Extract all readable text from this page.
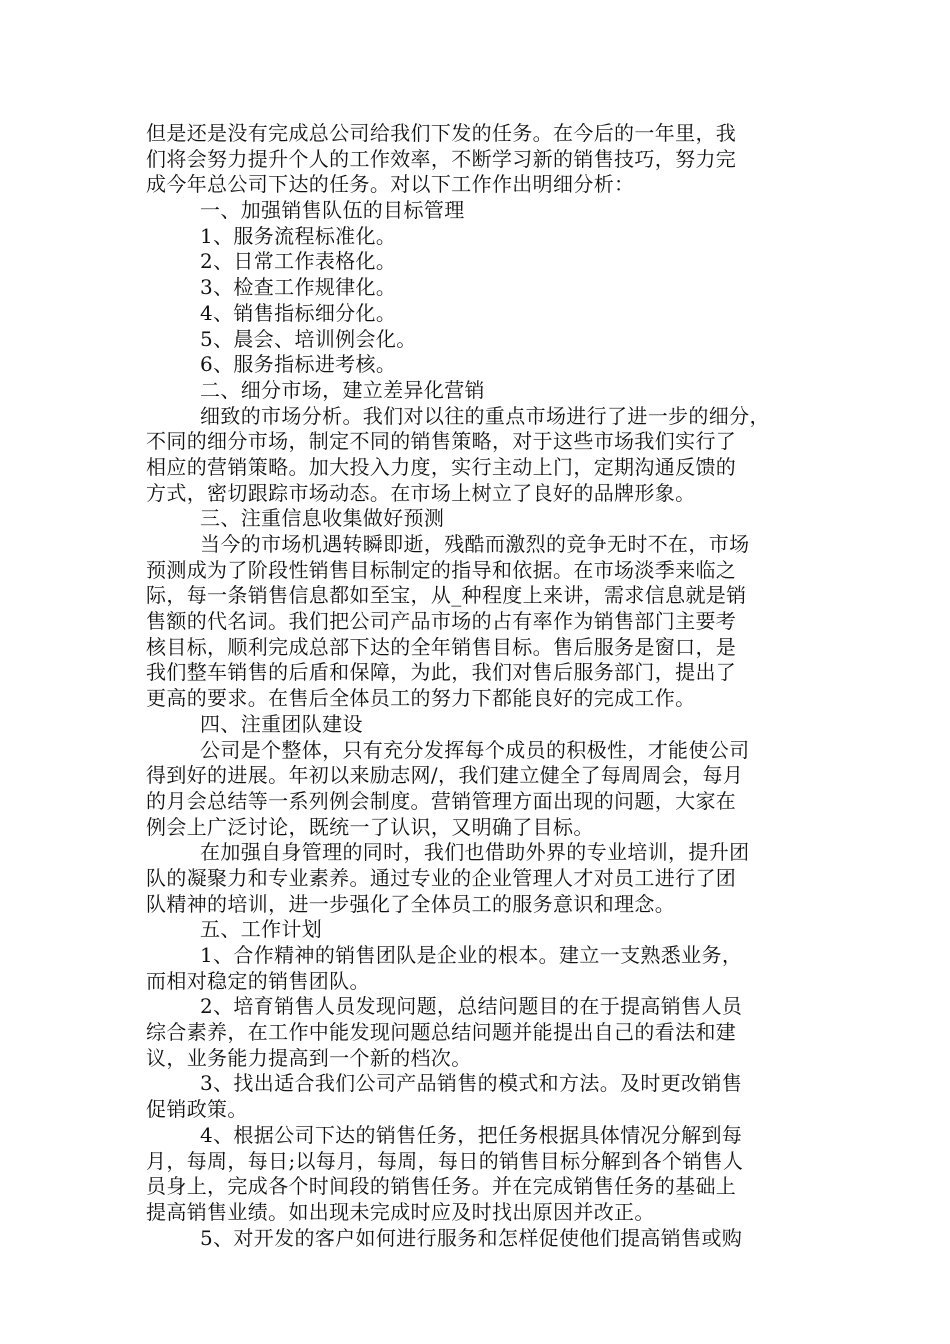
但是还是没有完成总公司给我们下发的任务。在今后的一年里，我
们将会努力提升个人的工作效率，不断学习新的销售技巧，努力完
成今年总公司下达的任务。对以下工作作出明细分析：
一、加强销售队伍的目标管理
1、服务流程标准化。
2、日常工作表格化。
3、检查工作规律化。
4、销售指标细分化。
5、晨会、培训例会化。
6、服务指标进考核。
二、细分市场，建立差异化营销
细致的市场分析。我们对以往的重点市场进行了进一步的细分，
不同的细分市场，制定不同的销售策略，对于这些市场我们实行了
相应的营销策略。加大投入力度，实行主动上门，定期沟通反馈的
方式，密切跟踪市场动态。在市场上树立了良好的品牌形象。
三、注重信息收集做好预测
当今的市场机遇转瞬即逝，残酷而激烈的竞争无时不在，市场
预测成为了阶段性销售目标制定的指导和依据。在市场淡季来临之
际，每一条销售信息都如至宝，从_种程度上来讲，需求信息就是销
售额的代名词。我们把公司产品市场的占有率作为销售部门主要考
核目标，顺利完成总部下达的全年销售目标。售后服务是窗口，是
我们整车销售的后盾和保障，为此，我们对售后服务部门，提出了
更高的要求。在售后全体员工的努力下都能良好的完成工作。
四、注重团队建设
公司是个整体，只有充分发挥每个成员的积极性，才能使公司
得到好的进展。年初以来励志网/，我们建立健全了每周周会，每月
的月会总结等一系列例会制度。营销管理方面出现的问题，大家在
例会上广泛讨论，既统一了认识，又明确了目标。
在加强自身管理的同时，我们也借助外界的专业培训，提升团
队的凝聚力和专业素养。通过专业的企业管理人才对员工进行了团
队精神的培训，进一步强化了全体员工的服务意识和理念。
五、工作计划
1、合作精神的销售团队是企业的根本。建立一支熟悉业务，
而相对稳定的销售团队。
2、培育销售人员发现问题，总结问题目的在于提高销售人员
综合素养，在工作中能发现问题总结问题并能提出自己的看法和建
议，业务能力提高到一个新的档次。
3、找出适合我们公司产品销售的模式和方法。及时更改销售
促销政策。
4、根据公司下达的销售任务，把任务根据具体情况分解到每
月，每周，每日;以每月，每周，每日的销售目标分解到各个销售人
员身上，完成各个时间段的销售任务。并在完成销售任务的基础上
提高销售业绩。如出现未完成时应及时找出原因并改正。
5、对开发的客户如何进行服务和怎样促使他们提高销售或购
